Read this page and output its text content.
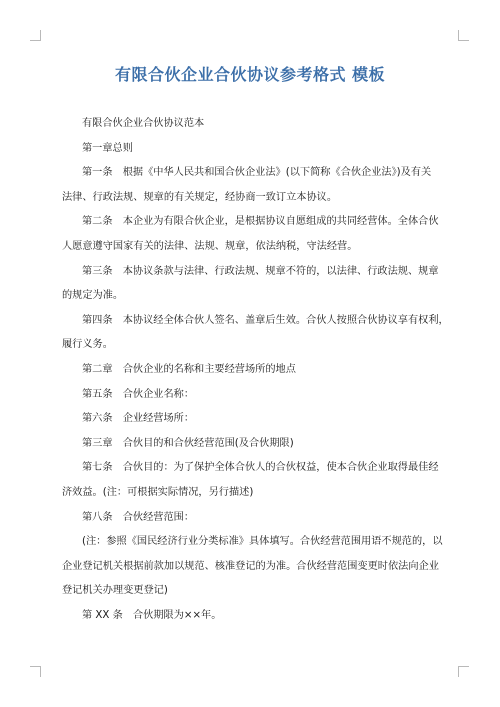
有限合伙企业合伙协议参考格式 模板
有限合伙企业合伙协议范本
第一章总则
第一条　根据《中华人民共和国合伙企业法》(以下简称《合伙企业法》)及有关
法律、行政法规、规章的有关规定，经协商一致订立本协议。
第二条　本企业为有限合伙企业，是根据协议自愿组成的共同经营体。全体合伙
人愿意遵守国家有关的法律、法规、规章，依法纳税，守法经营。
第三条　本协议条款与法律、行政法规、规章不符的，以法律、行政法规、规章
的规定为准。
第四条　本协议经全体合伙人签名、盖章后生效。合伙人按照合伙协议享有权利，
履行义务。
第二章　合伙企业的名称和主要经营场所的地点
第五条　合伙企业名称：
第六条　企业经营场所：
第三章　合伙目的和合伙经营范围(及合伙期限)
第七条　合伙目的：为了保护全体合伙人的合伙权益，使本合伙企业取得最佳经
济效益。(注：可根据实际情况，另行描述)
第八条　合伙经营范围：
(注：参照《国民经济行业分类标准》具体填写。合伙经营范围用语不规范的，以
企业登记机关根据前款加以规范、核准登记的为准。合伙经营范围变更时依法向企业
登记机关办理变更登记)
第 XX 条　合伙期限为××年。
